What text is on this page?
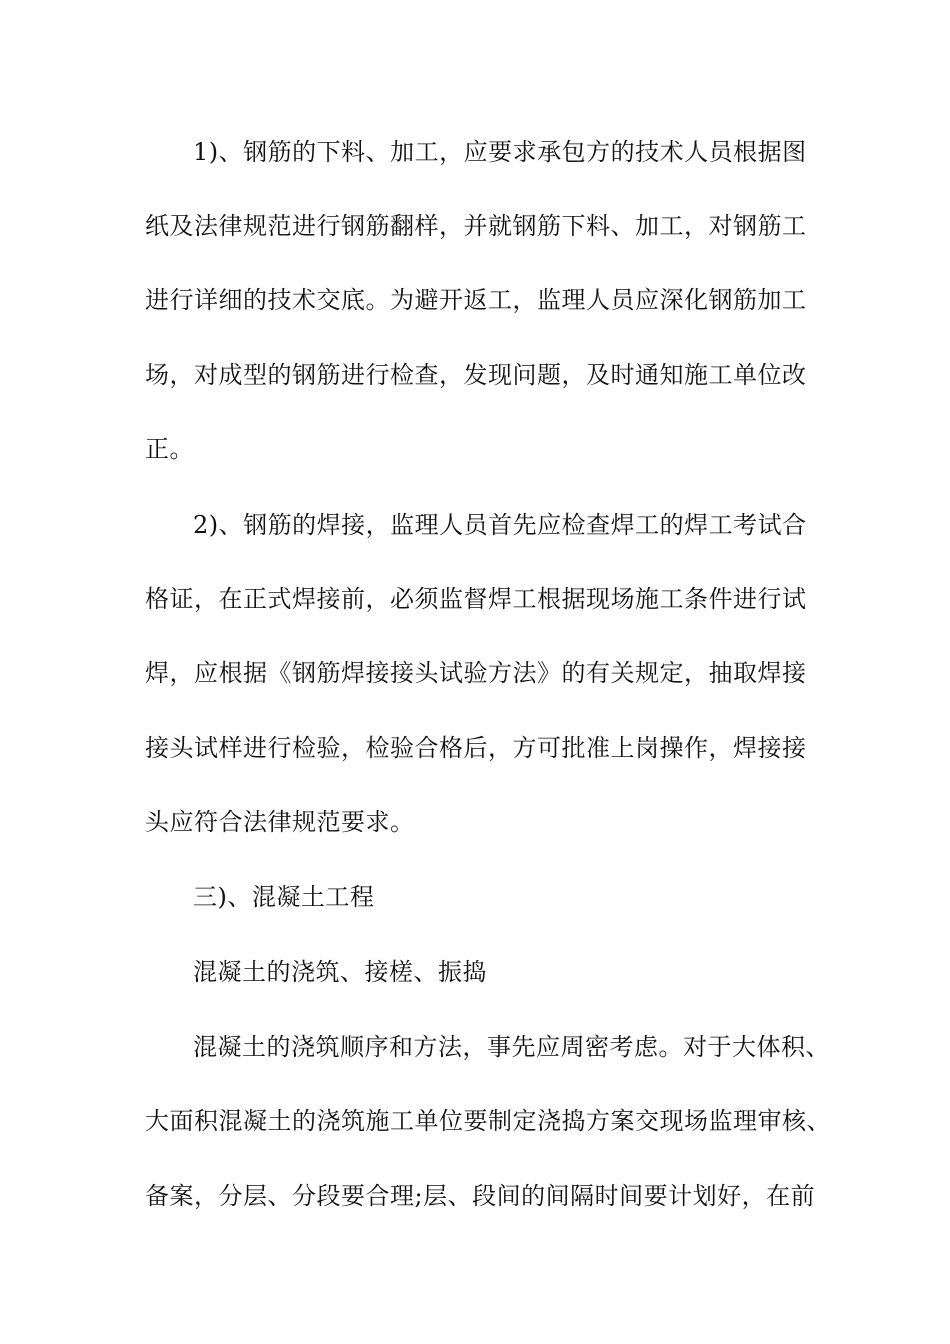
1)、钢筋的下料、加工，应要求承包方的技术人员根据图
纸及法律规范进行钢筋翻样，并就钢筋下料、加工，对钢筋工
进行详细的技术交底。为避开返工，监理人员应深化钢筋加工
场，对成型的钢筋进行检查，发现问题，及时通知施工单位改
正。
2)、钢筋的焊接，监理人员首先应检查焊工的焊工考试合
格证，在正式焊接前，必须监督焊工根据现场施工条件进行试
焊，应根据《钢筋焊接接头试验方法》的有关规定，抽取焊接
接头试样进行检验，检验合格后，方可批准上岗操作，焊接接
头应符合法律规范要求。
三)、混凝土工程
混凝土的浇筑、接槎、振捣
混凝土的浇筑顺序和方法，事先应周密考虑。对于大体积、
大面积混凝土的浇筑施工单位要制定浇捣方案交现场监理审核、
备案，分层、分段要合理;层、段间的间隔时间要计划好，在前
